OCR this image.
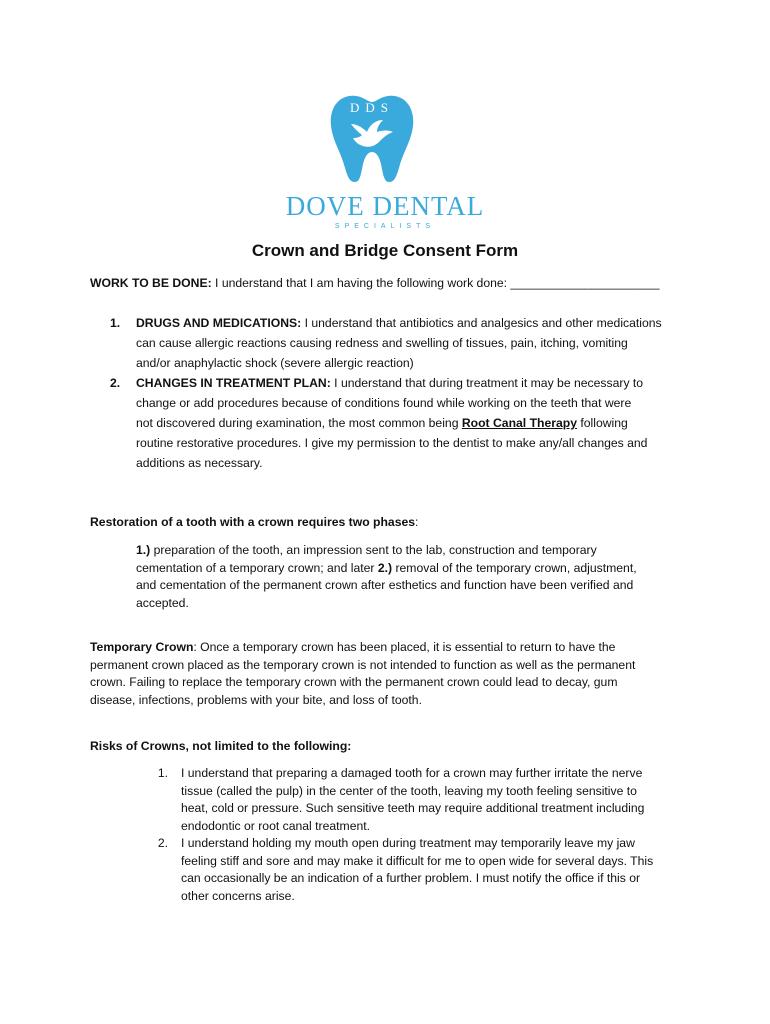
DDS
DOVE DENTAL
SPECIALISTS
Crown and Bridge Consent Form
WORK TO BE DONE: I understand that I am having the following work done: ______________________
1.	DRUGS AND MEDICATIONS: I understand that antibiotics and analgesics and other medications
can cause allergic reactions causing redness and swelling of tissues, pain, itching, vomiting
and/or anaphylactic shock (severe allergic reaction)
2.	CHANGES IN TREATMENT PLAN: I understand that during treatment it may be necessary to
change or add procedures because of conditions found while working on the teeth that were
not discovered during examination, the most common being Root Canal Therapy following
routine restorative procedures. I give my permission to the dentist to make any/all changes and
additions as necessary.
Restoration of a tooth with a crown requires two phases:
1.) preparation of the tooth, an impression sent to the lab, construction and temporary
cementation of a temporary crown; and later 2.) removal of the temporary crown, adjustment,
and cementation of the permanent crown after esthetics and function have been verified and
accepted.
Temporary Crown: Once a temporary crown has been placed, it is essential to return to have the
permanent crown placed as the temporary crown is not intended to function as well as the permanent
crown. Failing to replace the temporary crown with the permanent crown could lead to decay, gum
disease, infections, problems with your bite, and loss of tooth.
Risks of Crowns, not limited to the following:
1. I understand that preparing a damaged tooth for a crown may further irritate the nerve
tissue (called the pulp) in the center of the tooth, leaving my tooth feeling sensitive to
heat, cold or pressure. Such sensitive teeth may require additional treatment including
endodontic or root canal treatment.
2. I understand holding my mouth open during treatment may temporarily leave my jaw
feeling stiff and sore and may make it difficult for me to open wide for several days. This
can occasionally be an indication of a further problem. I must notify the office if this or
other concerns arise.
